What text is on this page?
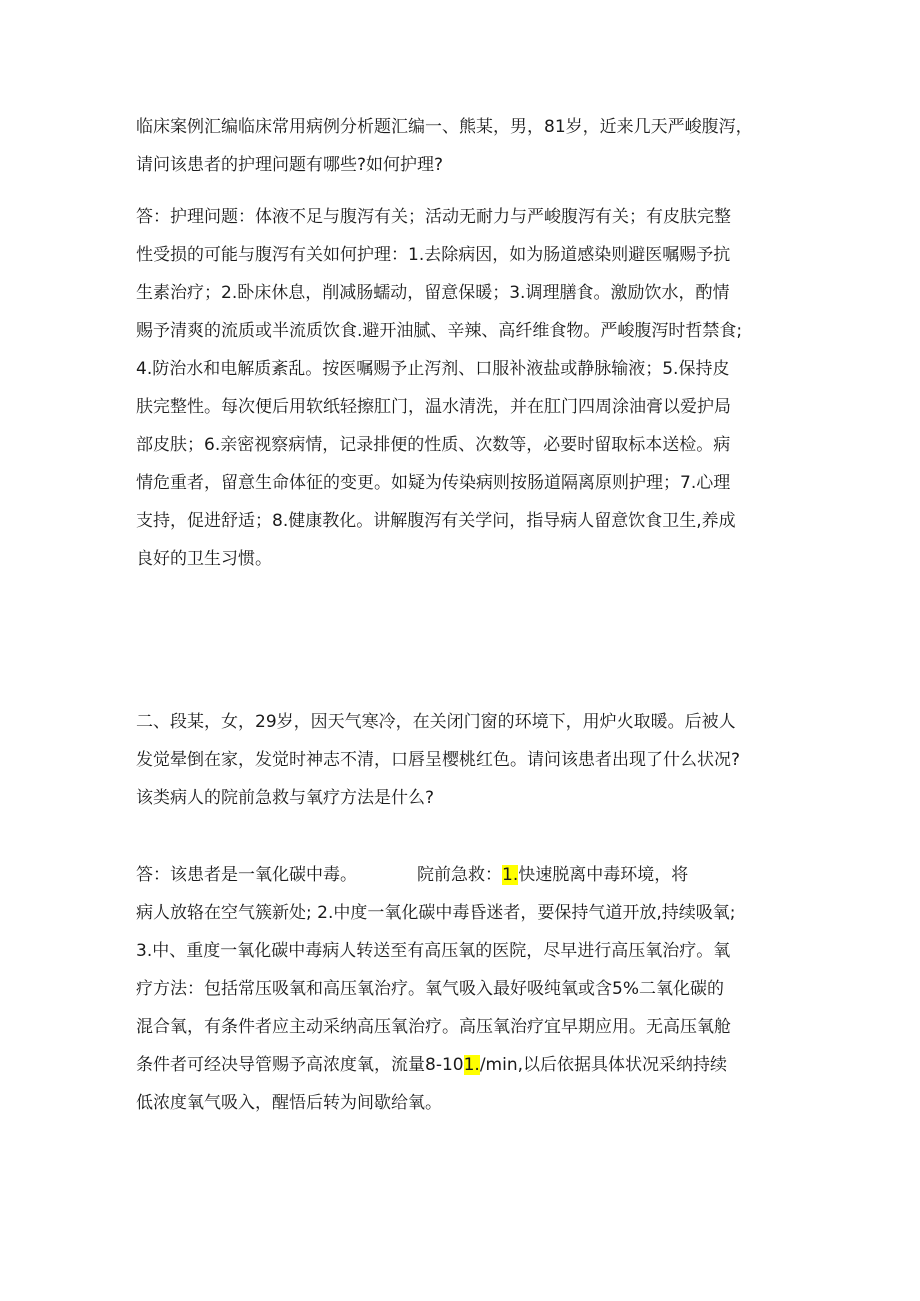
临床案例汇编临床常用病例分析题汇编一、熊某，男，81岁，近来几天严峻腹泻，
请问该患者的护理问题有哪些?如何护理?

答：护理问题：体液不足与腹泻有关；活动无耐力与严峻腹泻有关；有皮肤完整
性受损的可能与腹泻有关如何护理：1.去除病因，如为肠道感染则避医嘱赐予抗
生素治疗；2.卧床休息，削减肠蠕动，留意保暖；3.调理膳食。激励饮水，酌情
赐予清爽的流质或半流质饮食.避开油腻、辛辣、高纤维食物。严峻腹泻时哲禁食;
4.防治水和电解质紊乱。按医嘱赐予止泻剂、口服补液盐或静脉输液；5.保持皮
肤完整性。每次便后用软纸轻擦肛门，温水清洗，并在肛门四周涂油膏以爱护局
部皮肤；6.亲密视察病情，记录排便的性质、次数等，必要时留取标本送检。病
情危重者，留意生命体征的变更。如疑为传染病则按肠道隔离原则护理；7.心理
支持，促进舒适；8.健康教化。讲解腹泻有关学问，指导病人留意饮食卫生,养成
良好的卫生习惯。

二、段某，女，29岁，因天气寒冷，在关闭门窗的环境下，用炉火取暖。后被人
发觉晕倒在家，发觉时神志不清，口唇呈樱桃红色。请问该患者出现了什么状况?
该类病人的院前急救与氧疗方法是什么?

答：该患者是一氧化碳中毒。	院前急救：1.快速脱离中毒环境，将
病人放辂在空气簇新处; 2.中度一氧化碳中毒昏迷者，要保持气道开放,持续吸氧;
3.中、重度一氧化碳中毒病人转送至有高压氧的医院，尽早进行高压氧治疗。氧
疗方法：包括常压吸氧和高压氧治疗。氧气吸入最好吸纯氧或含5%二氧化碳的
混合氧，有条件者应主动采纳高压氧治疗。高压氧治疗宜早期应用。无高压氧舱
条件者可经决导管赐予高浓度氧，流量8-101./min,以后依据具体状况采纳持续
低浓度氧气吸入，醒悟后转为间歇给氧。
